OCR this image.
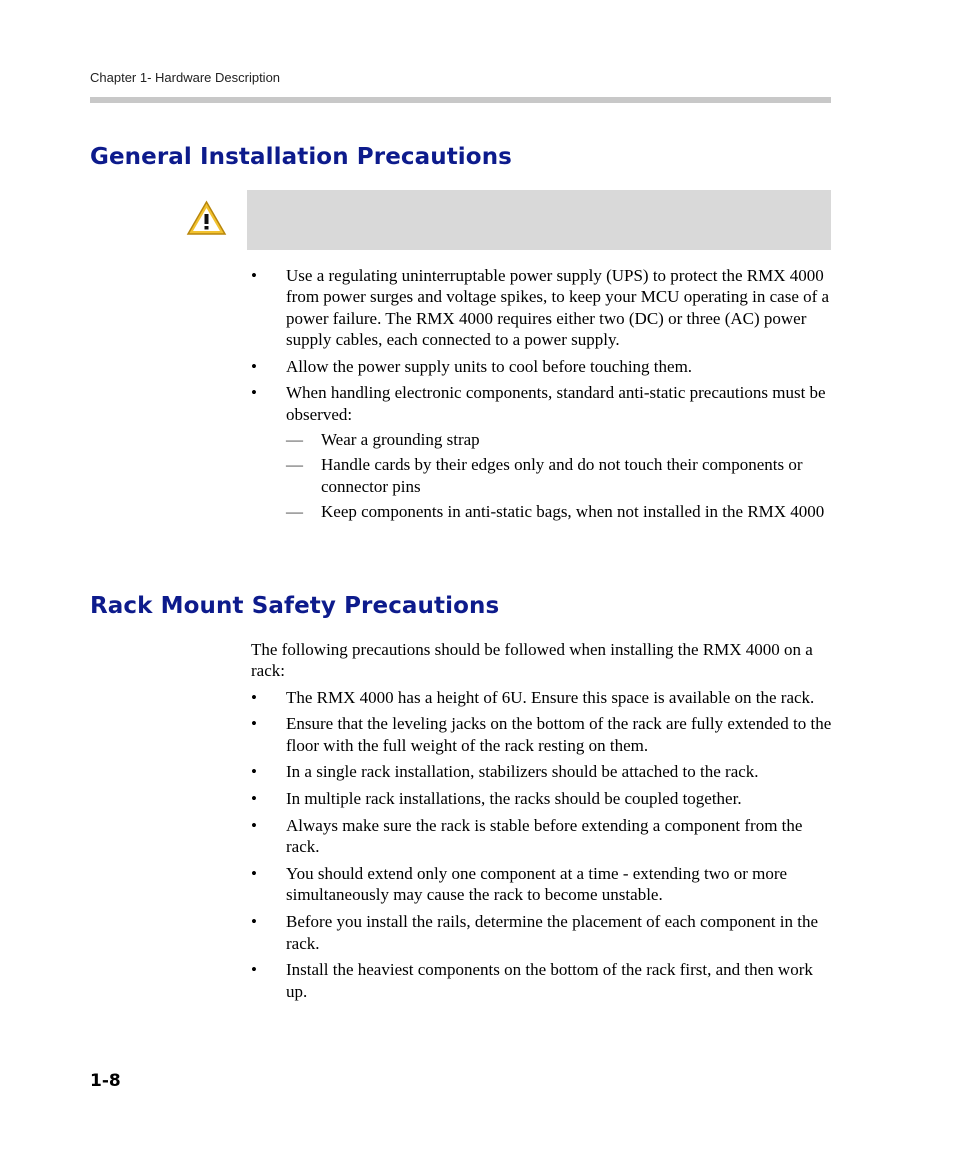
Chapter 1- Hardware Description
General Installation Precautions
• Use a regulating uninterruptable power supply (UPS) to protect the RMX 4000 from power surges and voltage spikes, to keep your MCU operating in case of a power failure. The RMX 4000 requires either two (DC) or three (AC) power supply cables, each connected to a power supply.
• Allow the power supply units to cool before touching them.
• When handling electronic components, standard anti-static precautions must be observed:
— Wear a grounding strap
— Handle cards by their edges only and do not touch their components or connector pins
— Keep components in anti-static bags, when not installed in the RMX 4000
Rack Mount Safety Precautions

The following precautions should be followed when installing the RMX 4000 on a rack:

• The RMX 4000 has a height of 6U. Ensure this space is available on the rack.
• Ensure that the leveling jacks on the bottom of the rack are fully extended to the floor with the full weight of the rack resting on them.
• In a single rack installation, stabilizers should be attached to the rack.
• In multiple rack installations, the racks should be coupled together.
• Always make sure the rack is stable before extending a component from the rack.
• You should extend only one component at a time - extending two or more simultaneously may cause the rack to become unstable.
• Before you install the rails, determine the placement of each component in the rack.
• Install the heaviest components on the bottom of the rack first, and then work up.
1-8
